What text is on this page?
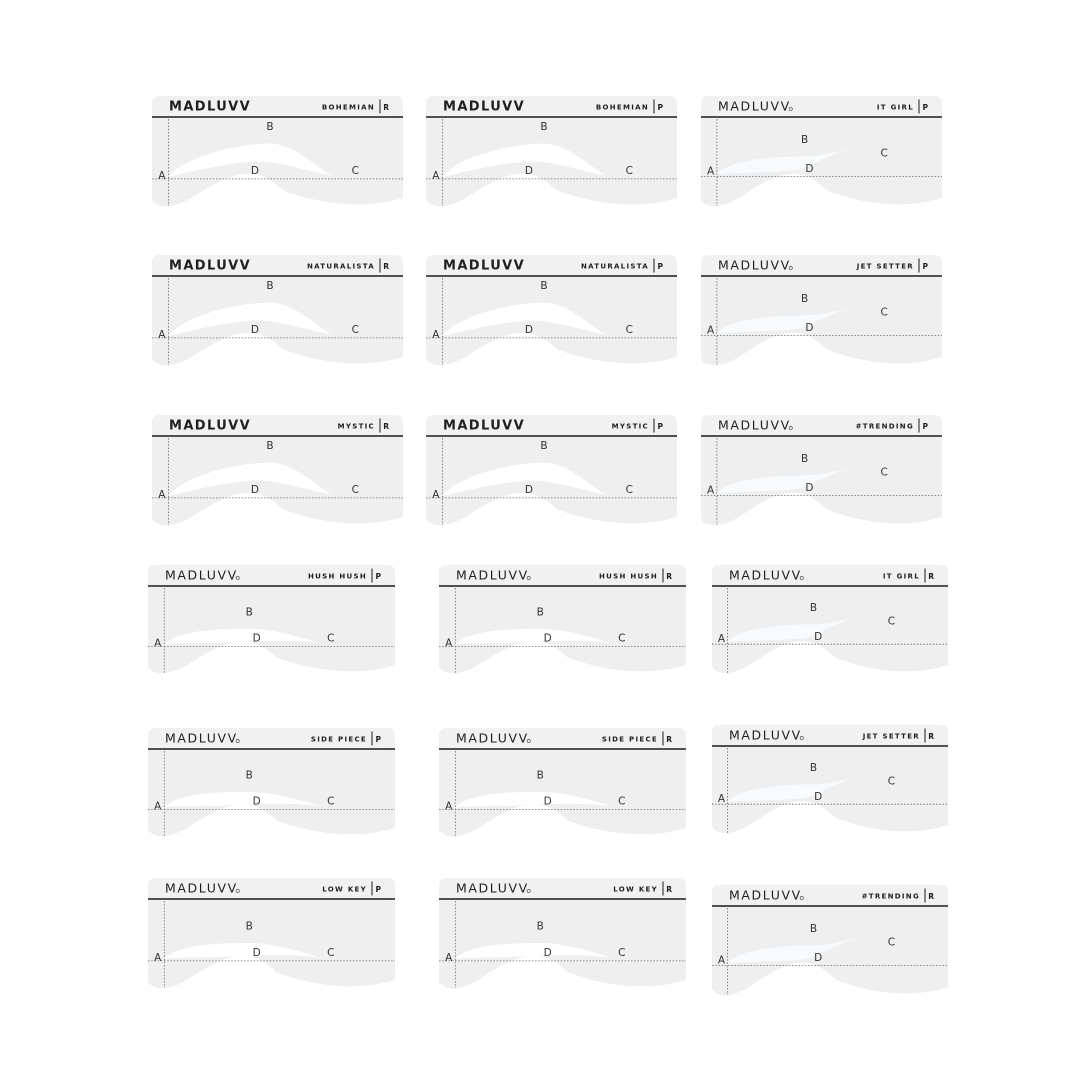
MADLUVV	R
BOHEMIAN
A
B
D	C
MADLUVV	P
BOHEMIAN
A
B
D	C
MADLUVV	P
IT GIRL
A
B
D
C
MADLUVV	R
NATURALISTA
A
B
D	C
MADLUVV	P
NATURALISTA
A
B
D	C
MADLUVV	P
JET SETTER
A
B
D
C
MADLUVV	R
MYSTIC
A
B
D	C
MADLUVV	P
MYSTIC
A
B
D	C
MADLUVV	P
#TRENDING
A
B
D
C
MADLUVV	P
HUSH HUSH
A
B
D	C
MADLUVV	R
HUSH HUSH
A
B
D	C
MADLUVV	R
IT GIRL
A
B
D
C
MADLUVV	P
SIDE PIECE
A
B
D	C
MADLUVV	R
SIDE PIECE
A
B
D	C
MADLUVV	R
JET SETTER
A
B
D
C
MADLUVV	P
LOW KEY
A
B
D	C
MADLUVV	R
LOW KEY
A
B
D	C
MADLUVV	R
#TRENDING
A
B
D
C
